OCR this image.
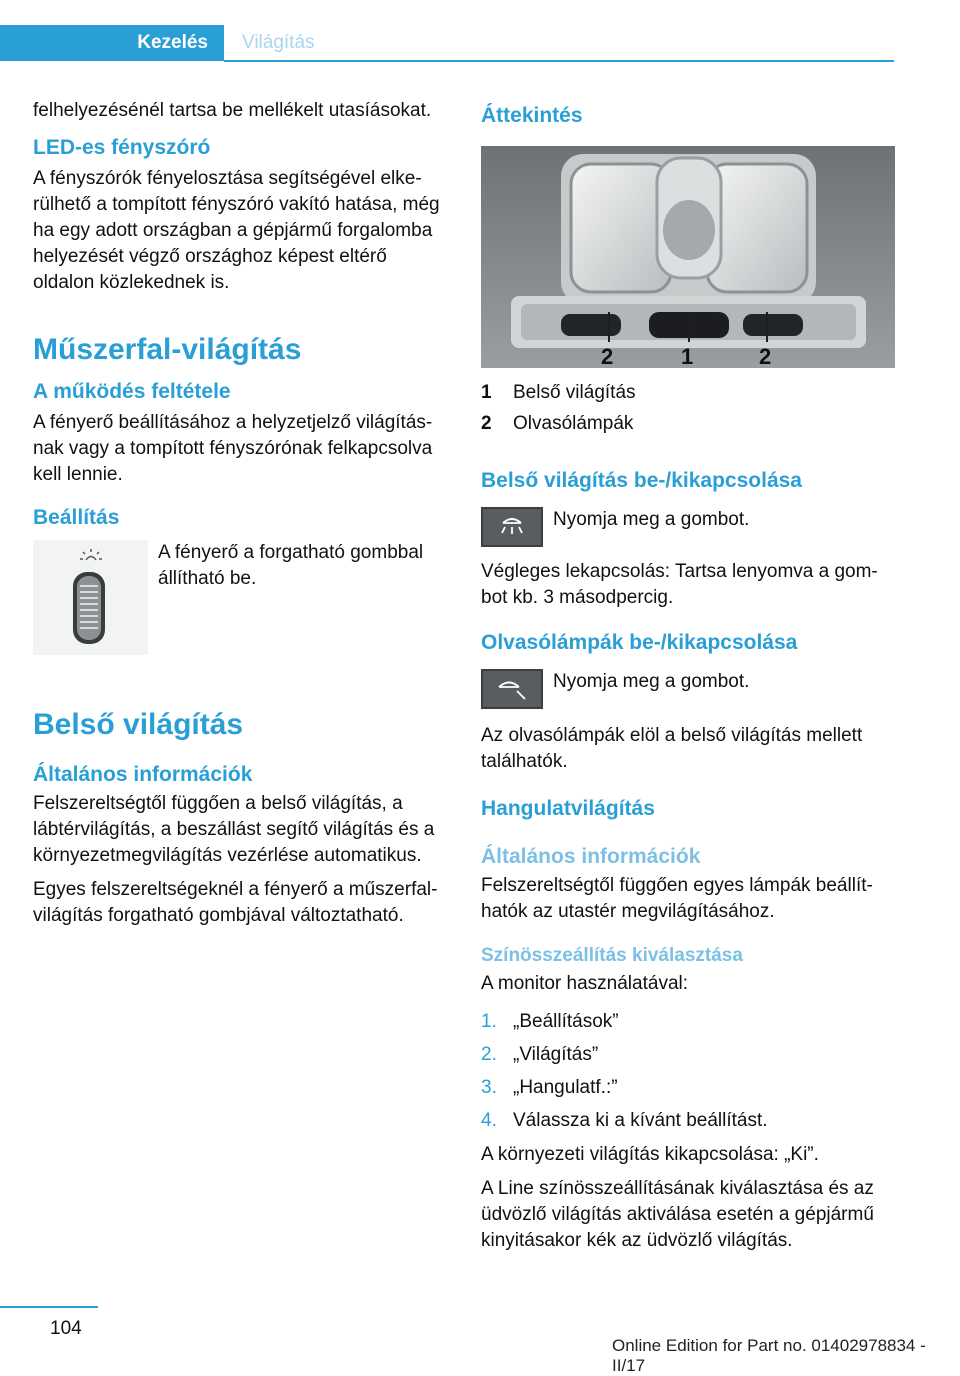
Kezelés	Világítás

felhelyezésénél tartsa be mellékelt utasíásokat.

LED-es fényszóró

A fényszórók fényelosztása segítségével elkerülhető a tompított fényszóró vakító hatása, még ha egy adott országban a gépjármű forgalomba helyezését végző országhoz képest eltérő oldalon közlekednek is.

Műszerfal-világítás
A működés feltétele

A fényerő beállításához a helyzetjelző világításnak vagy a tompított fényszórónak felkapcsolva kell lennie.

Beállítás

A fényerő a forgatható gombbal állítható be.

Belső világítás
Általános információk

Felszereltségtől függően a belső világítás, a lábtérvilágítás, a beszállást segítő világítás és a környezetmegvilágítás vezérlése automatikus.

Egyes felszereltségeknél a fényerő a műszerfal-világítás forgatható gombjával változtatható.

Áttekintés
2	1	2
1	Belső világítás
2	Olvasólámpák
Belső világítás be-/kikapcsolása

Nyomja meg a gombot.

Végleges lekapcsolás: Tartsa lenyomva a gombot kb. 3 másodpercig.

Olvasólámpák be-/kikapcsolása

Nyomja meg a gombot.

Az olvasólámpák elöl a belső világítás mellett találhatók.

Hangulatvilágítás
Általános információk

Felszereltségtől függően egyes lámpák beállíthatók az utastér megvilágításához.

Színösszeállítás kiválasztása

A monitor használatával:

1. „Beállítások”
2. „Világítás”
3. „Hangulatf.:”
4. Válassza ki a kívánt beállítást.

A környezeti világítás kikapcsolása: „Ki”.

A Line színösszeállításának kiválasztása és az üdvözlő világítás aktiválása esetén a gépjármű kinyitásakor kék az üdvözlő világítás.

104
Online Edition for Part no. 01402978834 - II/17
